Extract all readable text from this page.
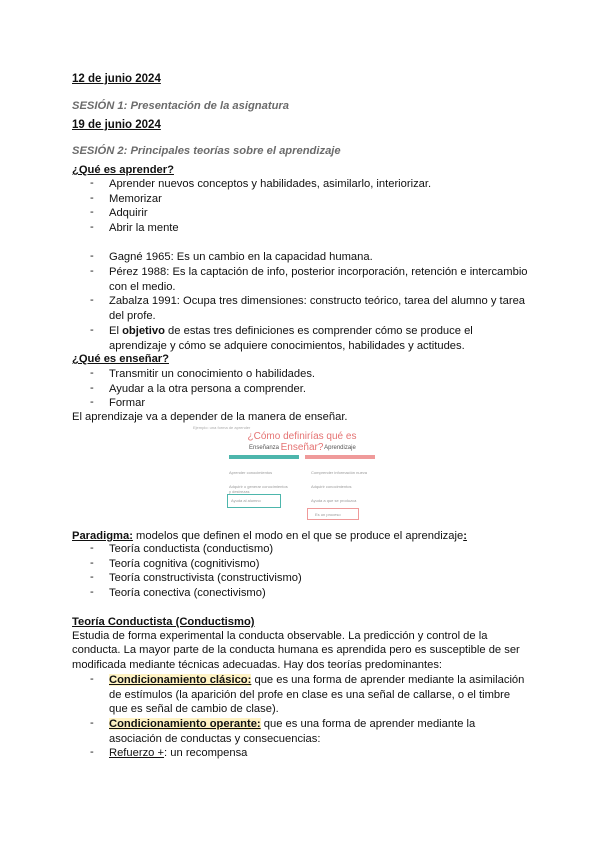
12 de junio 2024
SESIÓN 1: Presentación de la asignatura
19 de junio 2024
SESIÓN 2: Principales teorías sobre el aprendizaje
¿Qué es aprender?
- Aprender nuevos conceptos y habilidades, asimilarlo, interiorizar.
- Memorizar
- Adquirir
- Abrir la mente
- Gagné 1965: Es un cambio en la capacidad humana.
- Pérez 1988: Es la captación de info, posterior incorporación, retención e intercambio con el medio.
- Zabalza 1991: Ocupa tres dimensiones: constructo teórico, tarea del alumno y tarea del profe.
- El objetivo de estas tres definiciones es comprender cómo se produce el aprendizaje y cómo se adquiere conocimientos, habilidades y actitudes.
¿Qué es enseñar?
- Transmitir un conocimiento o habilidades.
- Ayudar a la otra persona a comprender.
- Formar
El aprendizaje va a depender de la manera de enseñar.
Ejemplo: una forma de aprender
¿Cómo definirías qué es Enseñar?
Enseñanza	Aprendizaje
Aprender conocimientos
Adquirir o generar conocimientos y destrezas
Ayuda al alumno
Comprender información nueva
Adquirir conocimientos
Ayuda a que se produzca
Es un proceso
Paradigma: modelos que definen el modo en el que se produce el aprendizaje:
- Teoría conductista (conductismo)
- Teoría cognitiva (cognitivismo)
- Teoría constructivista (constructivismo)
- Teoría conectiva (conectivismo)
Teoría Conductista (Conductismo)
Estudia de forma experimental la conducta observable. La predicción y control de la
conducta. La mayor parte de la conducta humana es aprendida pero es susceptible de ser
modificada mediante técnicas adecuadas. Hay dos teorías predominantes:
- Condicionamiento clásico: que es una forma de aprender mediante la asimilación de estímulos (la aparición del profe en clase es una señal de callarse, o el timbre que es señal de cambio de clase).
- Condicionamiento operante: que es una forma de aprender mediante la asociación de conductas y consecuencias:
- Refuerzo +: un recompensa
